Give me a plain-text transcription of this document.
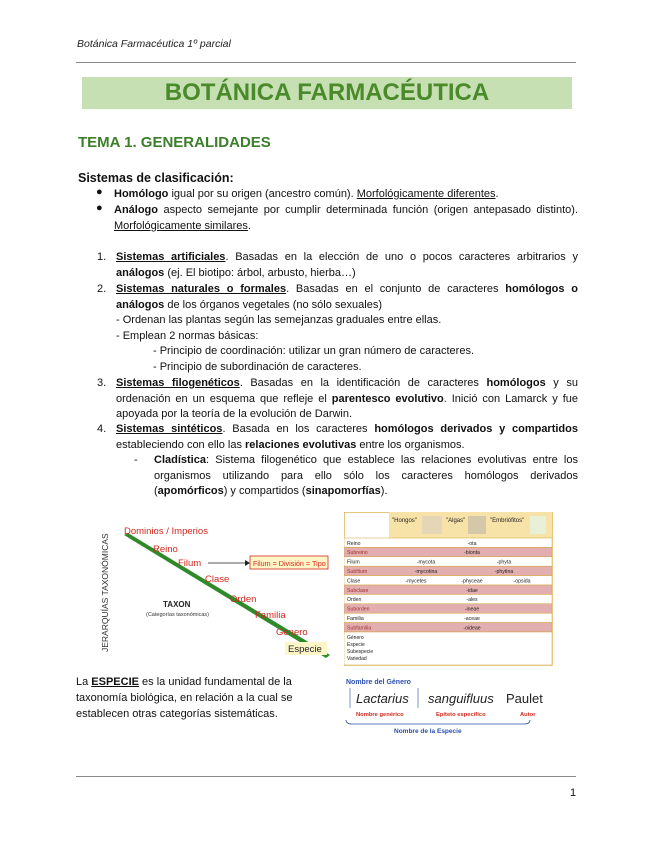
Botánica Farmacéutica 1º parcial
BOTÁNICA FARMACÉUTICA
TEMA 1. GENERALIDADES
Sistemas de clasificación:
● Homólogo igual por su origen (ancestro común). Morfológicamente diferentes.
● Análogo aspecto semejante por cumplir determinada función (origen antepasado distinto). Morfológicamente similares.
1. Sistemas artificiales. Basadas en la elección de uno o pocos caracteres arbitrarios y análogos (ej. El biotipo: árbol, arbusto, hierba…)
2. Sistemas naturales o formales. Basadas en el conjunto de caracteres homólogos o análogos de los órganos vegetales (no sólo sexuales)
- Ordenan las plantas según las semejanzas graduales entre ellas.
- Emplean 2 normas básicas:
- Principio de coordinación: utilizar un gran número de caracteres.
- Principio de subordinación de caracteres.
3. Sistemas filogenéticos. Basadas en la identificación de caracteres homólogos y su ordenación en un esquema que refleje el parentesco evolutivo. Inició con Lamarck y fue apoyada por la teoría de la evolución de Darwin.
4. Sistemas sintéticos. Basada en los caracteres homólogos derivados y compartidos estableciendo con ello las relaciones evolutivas entre los organismos.
- Cladística: Sistema filogenético que establece las relaciones evolutivas entre los organismos utilizando para ello sólo los caracteres homólogos derivados (apomórficos) y compartidos (sinapomorfías).
JERARQUÍAS TAXONÓMICAS
Dominios / Imperios
Reino
Filum	Filum = División = Tipo
Clase
Orden
TAXON
(Categorías taxonómicas)	Familia
Genero
Especie
"Hongos"	"Algas"	"Embriófitos"
Reino	-ota
Subreino	-bionta
Filum	-mycota	-phyta
Subfilum	-mycotina	-phytina
Clase	-mycetes	-phyceae	-opsida
Subclase	-idae
Orden	-ales
Suborden	-ineae
Familia	-aceae
Subfamilia	-oideae
Género
Especie
Subespecie
Variedad
La ESPECIE es la unidad fundamental de la taxonomía biológica, en relación a la cual se establecen otras categorías sistemáticas.
Nombre del Género
Lactarius sanguifluus Paulet
Nombre genérico	Epíteto específico	Autor
Nombre de la Especie
1
